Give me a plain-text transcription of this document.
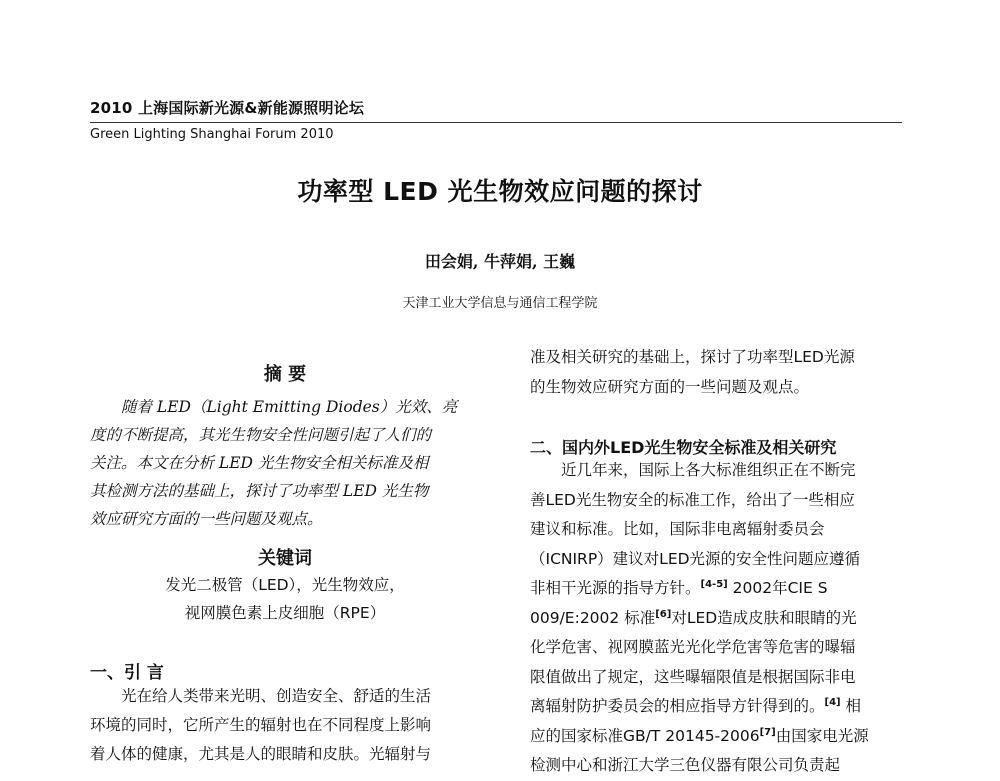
2010 上海国际新光源&新能源照明论坛
Green Lighting Shanghai Forum 2010
功率型 LED 光生物效应问题的探讨
田会娟, 牛萍娟, 王巍
天津工业大学信息与通信工程学院
摘 要
随着 LED（Light Emitting Diodes）光效、亮
度的不断提高，其光生物安全性问题引起了人们的
关注。本文在分析 LED 光生物安全相关标准及相
其检测方法的基础上，探讨了功率型 LED 光生物
效应研究方面的一些问题及观点。
关键词
发光二极管（LED），光生物效应，
视网膜色素上皮细胞（RPE）
一、引 言
光在给人类带来光明、创造安全、舒适的生活
环境的同时，它所产生的辐射也在不同程度上影响
着人体的健康，尤其是人的眼睛和皮肤。光辐射与
准及相关研究的基础上，探讨了功率型LED光源
的生物效应研究方面的一些问题及观点。
二、国内外LED光生物安全标准及相关研究
近几年来，国际上各大标准组织正在不断完
善LED光生物安全的标准工作，给出了一些相应
建议和标准。比如，国际非电离辐射委员会
（ICNIRP）建议对LED光源的安全性问题应遵循
非相干光源的指导方针。[4-5] 2002年CIE S
009/E:2002 标准[6]对LED造成皮肤和眼睛的光
化学危害、视网膜蓝光光化学危害等危害的曝辐
限值做出了规定，这些曝辐限值是根据国际非电
离辐射防护委员会的相应指导方针得到的。[4] 相
应的国家标准GB/T 20145-2006[7]由国家电光源
检测中心和浙江大学三色仪器有限公司负责起
